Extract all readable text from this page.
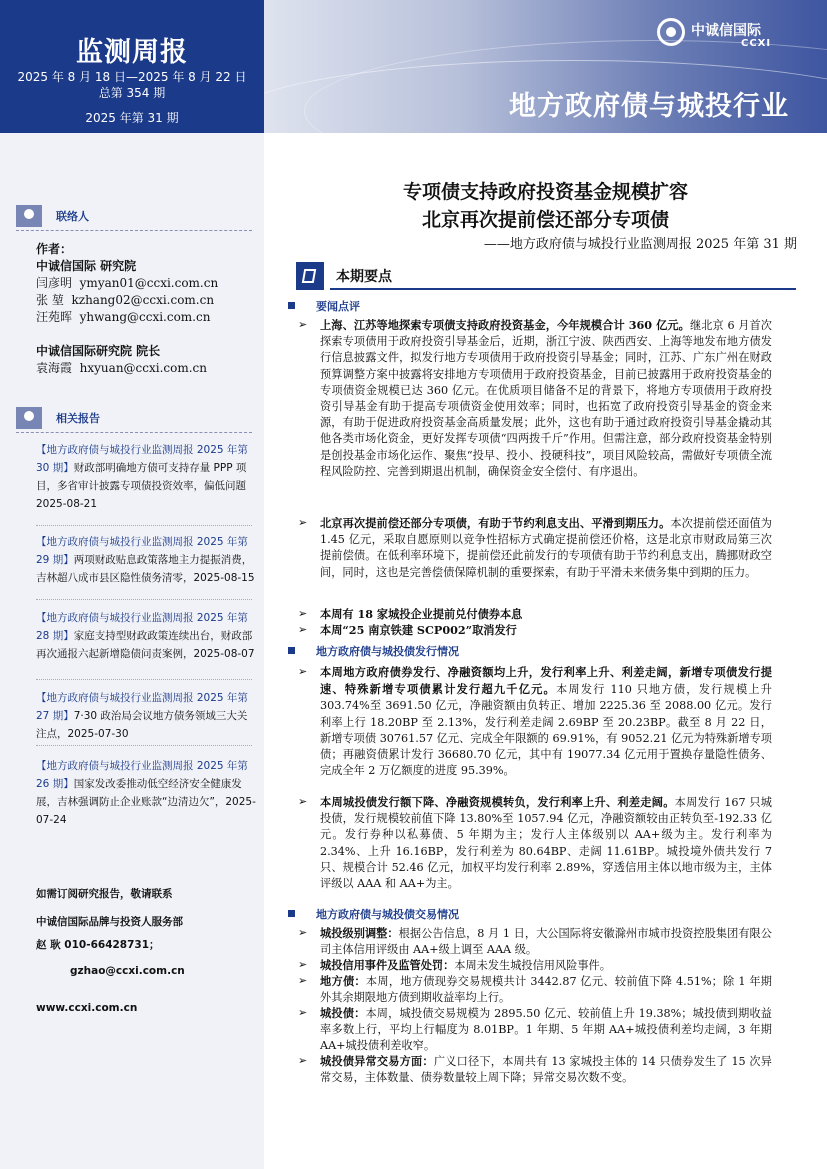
监测周报
2025 年 8 月 18 日—2025 年 8 月 22 日
总第 354 期
2025 年第 31 期
中诚信国际
CCXI
地方政府债与城投行业
联络人
作者：
中诚信国际 研究院
闫彦明 ymyan01@ccxi.com.cn
张 堃 kzhang02@ccxi.com.cn
汪苑晖 yhwang@ccxi.com.cn
中诚信国际研究院 院长
袁海霞 hxyuan@ccxi.com.cn
相关报告
【地方政府债与城投行业监测周报 2025 年第 30 期】财政部明确地方债可支持存量 PPP 项目，多省审计披露专项债投资效率，偏低问题 2025-08-21
【地方政府债与城投行业监测周报 2025 年第 29 期】两项财政贴息政策落地主力提振消费，吉林超八成市县区隐性债务清零，2025-08-15
【地方政府债与城投行业监测周报 2025 年第 28 期】家庭支持型财政政策连续出台，财政部再次通报六起新增隐债问责案例，2025-08-07
【地方政府债与城投行业监测周报 2025 年第 27 期】7·30 政治局会议地方债务领域三大关注点，2025-07-30
【地方政府债与城投行业监测周报 2025 年第 26 期】国家发改委推动低空经济安全健康发展，吉林强调防止企业账款“边清边欠”，2025-07-24
如需订阅研究报告，敬请联系
中诚信国际品牌与投资人服务部
赵 耿 010-66428731；
gzhao@ccxi.com.cn
www.ccxi.com.cn
专项债支持政府投资基金规模扩容
北京再次提前偿还部分专项债
——地方政府债与城投行业监测周报 2025 年第 31 期
本期要点
要闻点评
➢ 上海、江苏等地探索专项债支持政府投资基金，今年规模合计 360 亿元。继北京 6 月首次探索专项债用于政府投资引导基金后，近期，浙江宁波、陕西西安、上海等地发布地方债发行信息披露文件，拟发行地方专项债用于政府投资引导基金；同时，江苏、广东广州在财政预算调整方案中披露将安排地方专项债用于政府投资基金，目前已披露用于政府投资基金的专项债资金规模已达 360 亿元。在优质项目储备不足的背景下，将地方专项债用于政府投资引导基金有助于提高专项债资金使用效率；同时，也拓宽了政府投资引导基金的资金来源，有助于促进政府投资基金高质量发展；此外，这也有助于通过政府投资引导基金撬动其他各类市场化资金，更好发挥专项债“四两拨千斤”作用。但需注意，部分政府投资基金特别是创投基金市场化运作、聚焦“投早、投小、投硬科技”，项目风险较高，需做好专项债全流程风险防控、完善到期退出机制，确保资金安全偿付、有序退出。
➢ 北京再次提前偿还部分专项债，有助于节约利息支出、平滑到期压力。本次提前偿还面值为 1.45 亿元，采取自愿原则以竞争性招标方式确定提前偿还价格，这是北京市财政局第三次提前偿债。在低利率环境下，提前偿还此前发行的专项债有助于节约利息支出，腾挪财政空间，同时，这也是完善偿债保障机制的重要探索，有助于平滑未来债务集中到期的压力。
➢ 本周有 18 家城投企业提前兑付债券本息
➢ 本周“25 南京铁建 SCP002”取消发行
地方政府债与城投债发行情况
➢ 本周地方政府债券发行、净融资额均上升，发行利率上升、利差走阔，新增专项债发行提速、特殊新增专项债累计发行超九千亿元。本周发行 110 只地方债，发行规模上升 303.74%至 3691.50 亿元，净融资额由负转正、增加 2225.36 至 2088.00 亿元。发行利率上行 18.20BP 至 2.13%，发行利差走阔 2.69BP 至 20.23BP。截至 8 月 22 日，新增专项债 30761.57 亿元、完成全年限额的 69.91%，有 9052.21 亿元为特殊新增专项债；再融资债累计发行 36680.70 亿元，其中有 19077.34 亿元用于置换存量隐性债务、完成全年 2 万亿额度的进度 95.39%。
➢ 本周城投债发行额下降、净融资规模转负，发行利率上升、利差走阔。本周发行 167 只城投债，发行规模较前值下降 13.80%至 1057.94 亿元，净融资额较由正转负至-192.33 亿元。发行券种以私募债、5 年期为主；发行人主体级别以 AA+级为主。发行利率为 2.34%、上升 16.16BP，发行利差为 80.64BP、走阔 11.61BP。城投境外债共发行 7 只、规模合计 52.46 亿元，加权平均发行利率 2.89%，穿透信用主体以地市级为主，主体评级以 AAA 和 AA+为主。
地方政府债与城投债交易情况
➢ 城投级别调整：根据公告信息，8 月 1 日，大公国际将安徽滁州市城市投资控股集团有限公司主体信用评级由 AA+级上调至 AAA 级。
➢ 城投信用事件及监管处罚：本周未发生城投信用风险事件。
➢ 地方债：本周，地方债现券交易规模共计 3442.87 亿元、较前值下降 4.51%；除 1 年期外其余期限地方债到期收益率均上行。
➢ 城投债：本周，城投债交易规模为 2895.50 亿元、较前值上升 19.38%；城投债到期收益率多数上行，平均上行幅度为 8.01BP。1 年期、5 年期 AA+城投债利差均走阔，3 年期 AA+城投债利差收窄。
➢ 城投债异常交易方面：广义口径下，本周共有 13 家城投主体的 14 只债券发生了 15 次异常交易，主体数量、债券数量较上周下降；异常交易次数不变。
